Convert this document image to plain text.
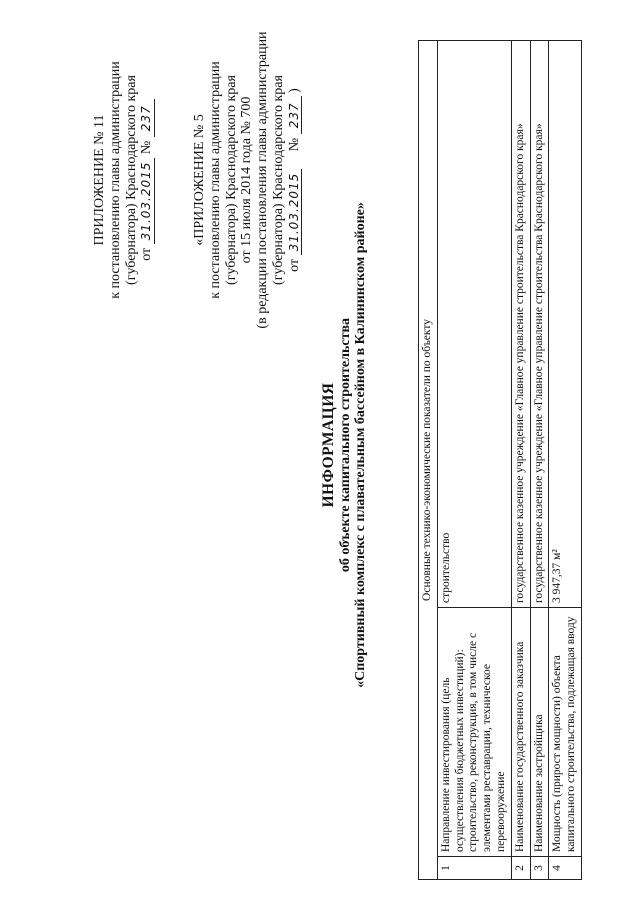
ПРИЛОЖЕНИЕ № 11 к постановлению главы администрации (губернатора) Краснодарского края от 31.03.2015 № 237	«ПРИЛОЖЕНИЕ № 5 к постановлению главы администрации (губернатора) Краснодарского края от 15 июля 2014 года № 700 (в редакции постановления главы администрации (губернатора) Краснодарского края от 31.03.2015     № 237 )
ИНФОРМАЦИЯ об объекте капитального строительства «Спортивный комплекс с плавательным бассейном в Калининском районе»	Основные технико-экономические показатели по объекту		
1	Направление инвестирования (цель осуществления бюджетных инвестиций): строительство, реконструкция, в том числе с элементами реставрации, техническое перевооружение	строительство
2	Наименование государственного заказчика	государственное казенное учреждение «Главное управление строительства Краснодарского края»
3	Наименование застройщика	государственное казенное учреждение «Главное управление строительства Краснодарского края»
4	Мощность (прирост мощности) объекта капитального строительства, подлежащая вводу	3 947,37 м²
